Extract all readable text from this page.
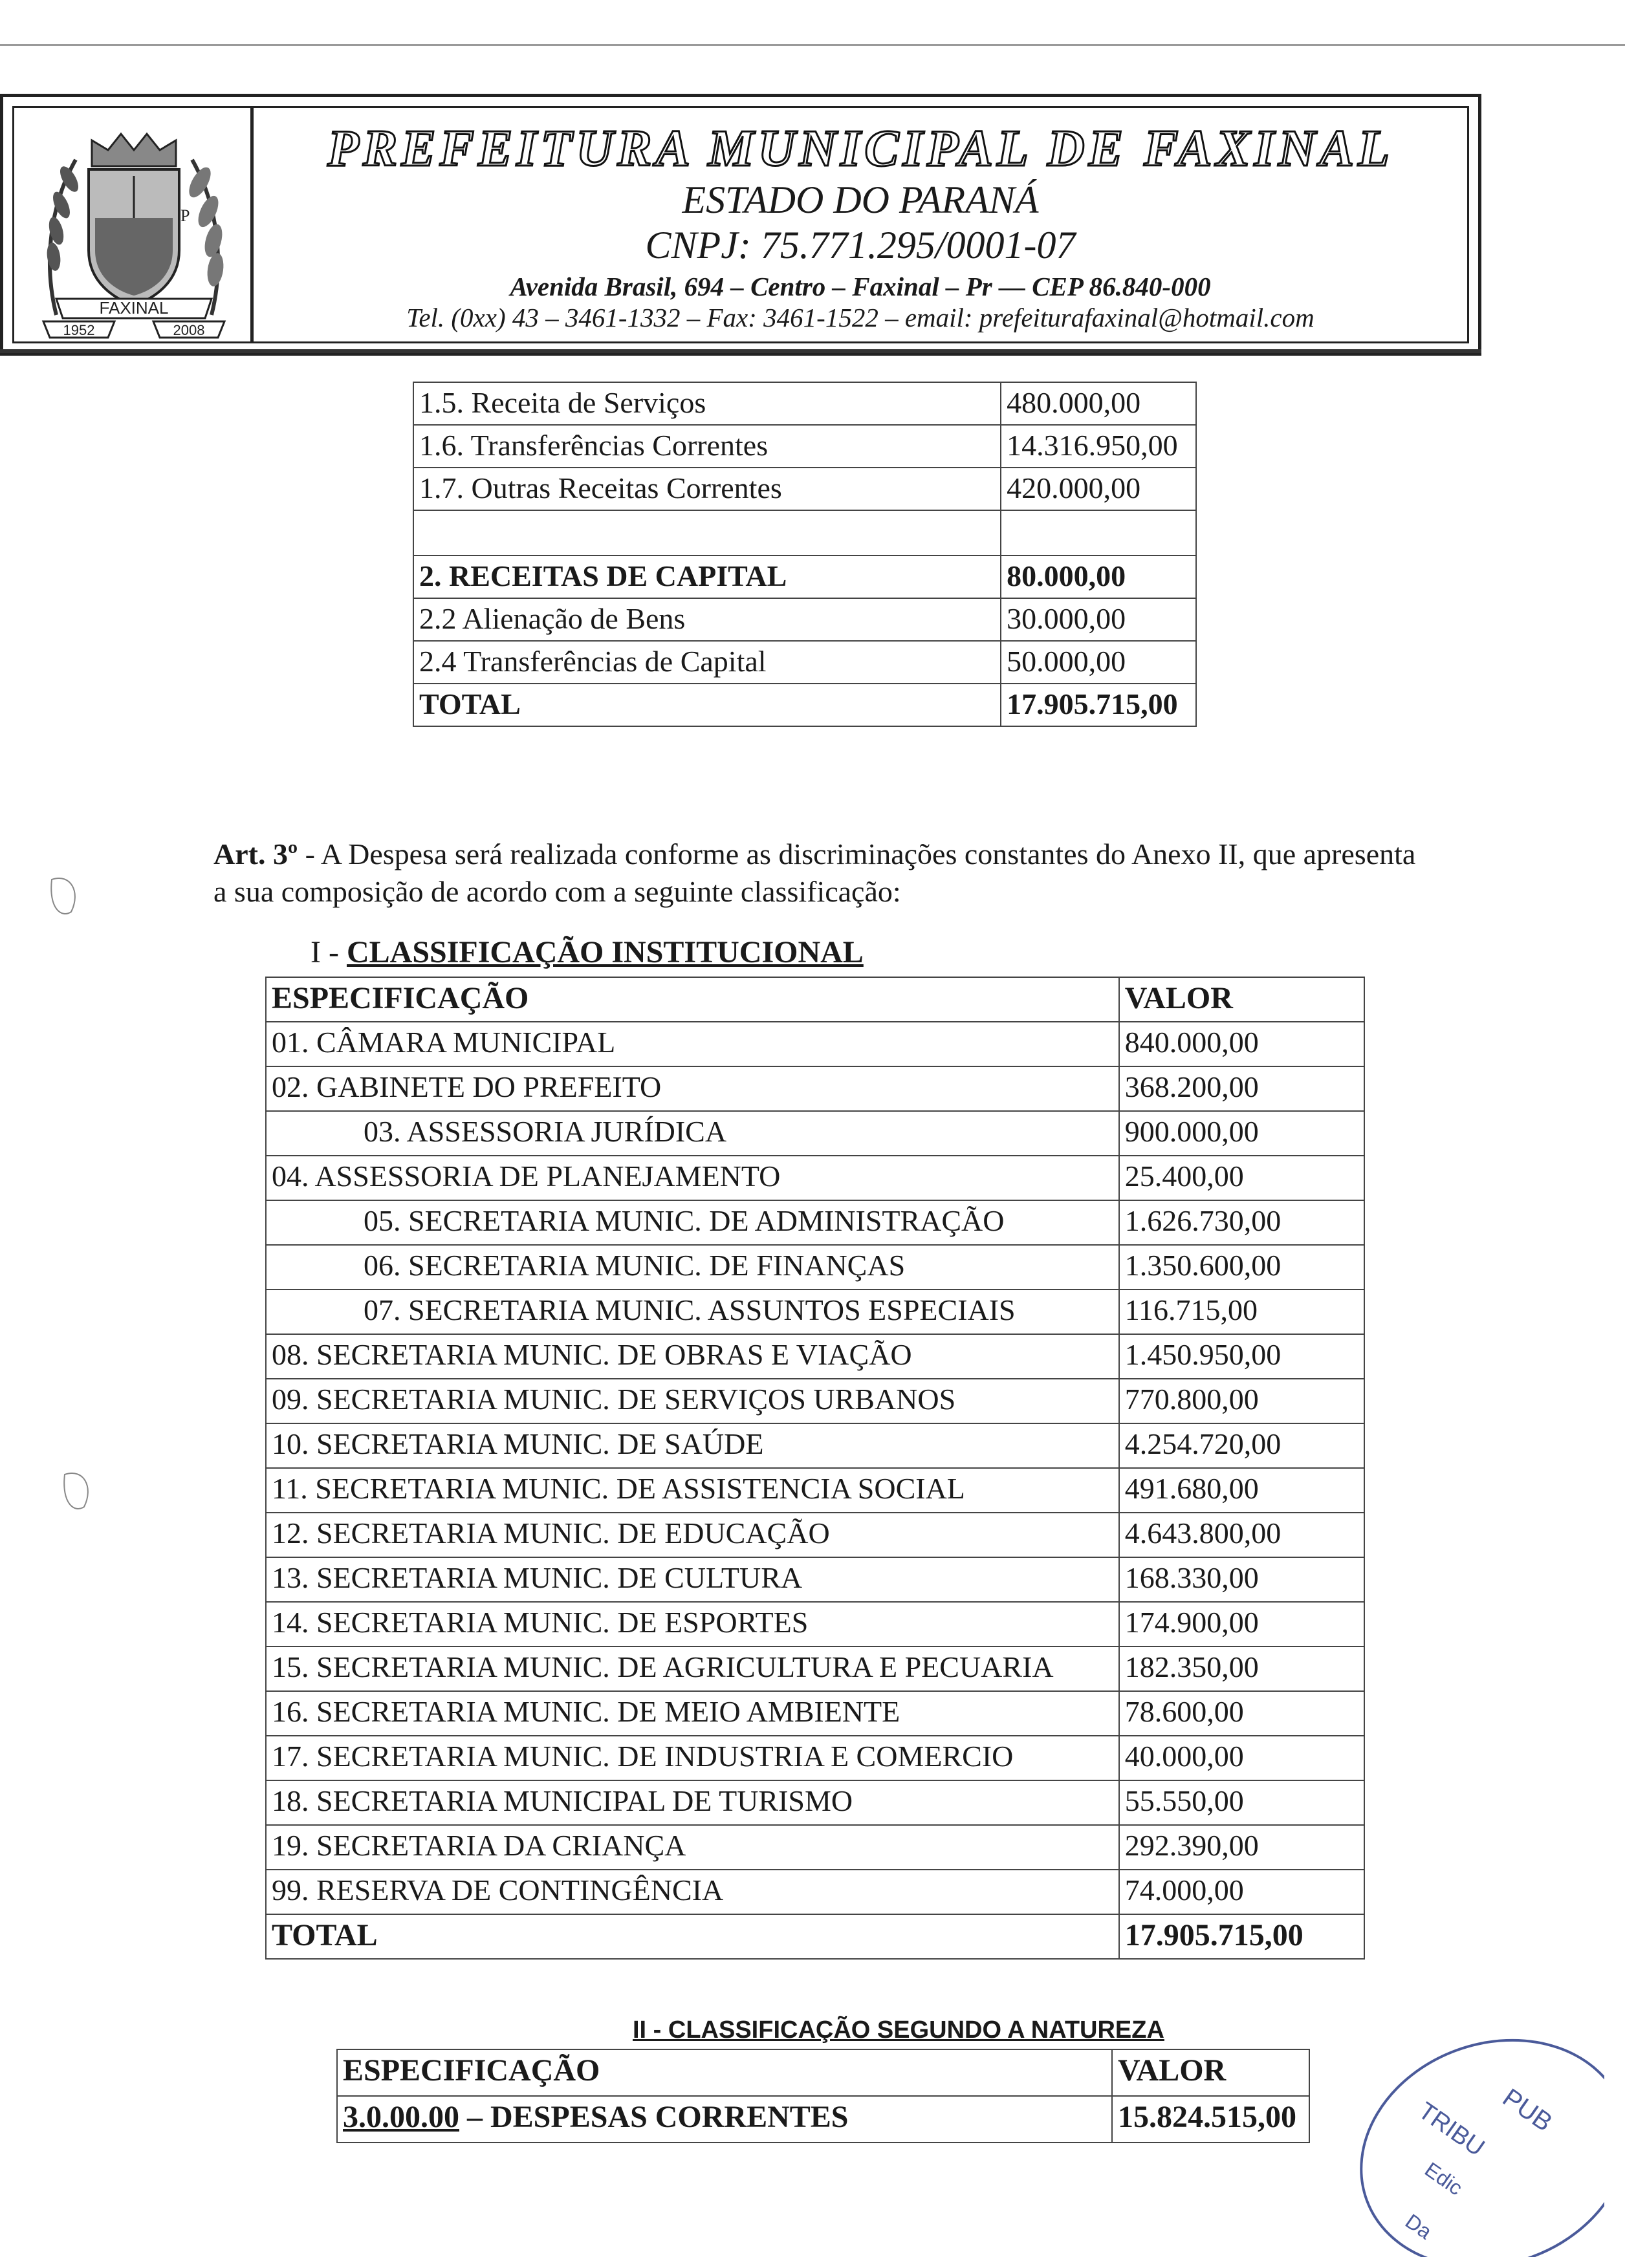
P
FAXINAL
1952	2008
PREFEITURA MUNICIPAL DE FAXINAL
ESTADO DO PARANÁ
CNPJ: 75.771.295/0001-07
Avenida Brasil, 694 – Centro – Faxinal – Pr — CEP 86.840-000
Tel. (0xx) 43 – 3461-1332 – Fax: 3461-1522 – email: prefeiturafaxinal@hotmail.com
1.5. Receita de Serviços	480.000,00
1.6. Transferências Correntes	14.316.950,00
1.7. Outras Receitas Correntes	420.000,00

2. RECEITAS DE CAPITAL	80.000,00
2.2 Alienação de Bens	30.000,00
2.4 Transferências de Capital	50.000,00
TOTAL	17.905.715,00
Art. 3º - A Despesa será realizada conforme as discriminações constantes do Anexo II, que apresenta a sua composição de acordo com a seguinte classificação:
I - CLASSIFICAÇÃO INSTITUCIONAL
ESPECIFICAÇÃO	VALOR
01. CÂMARA MUNICIPAL	840.000,00
02. GABINETE DO PREFEITO	368.200,00
03. ASSESSORIA JURÍDICA	900.000,00
04. ASSESSORIA DE PLANEJAMENTO	25.400,00
05. SECRETARIA MUNIC. DE ADMINISTRAÇÃO	1.626.730,00
06. SECRETARIA MUNIC. DE FINANÇAS	1.350.600,00
07. SECRETARIA MUNIC. ASSUNTOS ESPECIAIS	116.715,00
08. SECRETARIA MUNIC. DE OBRAS E VIAÇÃO	1.450.950,00
09. SECRETARIA MUNIC. DE SERVIÇOS URBANOS	770.800,00
10. SECRETARIA MUNIC. DE SAÚDE	4.254.720,00
11. SECRETARIA MUNIC. DE ASSISTENCIA SOCIAL	491.680,00
12. SECRETARIA MUNIC. DE EDUCAÇÃO	4.643.800,00
13. SECRETARIA MUNIC. DE CULTURA	168.330,00
14. SECRETARIA MUNIC. DE ESPORTES	174.900,00
15. SECRETARIA MUNIC. DE AGRICULTURA E PECUARIA	182.350,00
16. SECRETARIA MUNIC. DE MEIO AMBIENTE	78.600,00
17. SECRETARIA MUNIC. DE INDUSTRIA E COMERCIO	40.000,00
18. SECRETARIA MUNICIPAL DE TURISMO	55.550,00
19. SECRETARIA DA CRIANÇA	292.390,00
99. RESERVA DE CONTINGÊNCIA	74.000,00
TOTAL	17.905.715,00
II - CLASSIFICAÇÃO SEGUNDO A NATUREZA
ESPECIFICAÇÃO	VALOR
3.0.00.00 – DESPESAS CORRENTES	15.824.515,00	PUB
TRIBU
Edic
Da
